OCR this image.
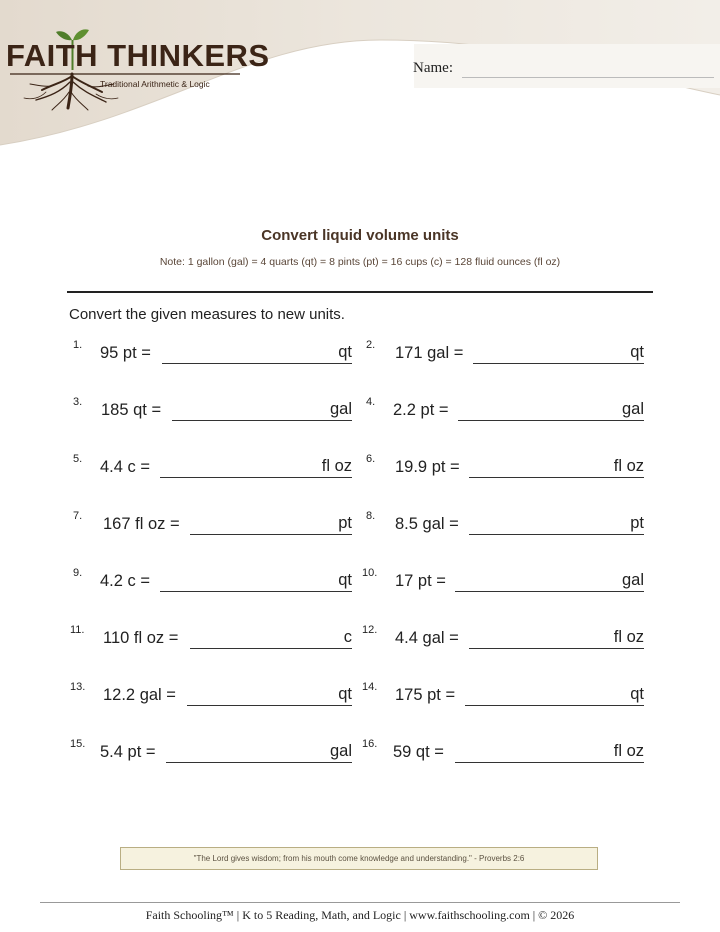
FAITH THINKERS
Traditional Arithmetic & Logic
Name:
Convert liquid volume units
Note: 1 gallon (gal) = 4 quarts (qt) = 8 pints (pt) = 16 cups (c) = 128 fluid ounces (fl oz)
Convert the given measures to new units.
1. 95 pt =	qt 2. 171 gal =	qt
3. 185 qt =	gal 4. 2.2 pt =	gal
5. 4.4 c =	fl oz 6. 19.9 pt =	fl oz
7. 167 fl oz =	pt 8. 8.5 gal =	pt
9. 4.2 c =	qt 10. 17 pt =	gal
11. 110 fl oz =	c 12. 4.4 gal =	fl oz
13. 12.2 gal =	qt 14. 175 pt =	qt
15. 5.4 pt =	gal 16. 59 qt =	fl oz
"The Lord gives wisdom; from his mouth come knowledge and understanding." - Proverbs 2:6
Faith Schooling™ | K to 5 Reading, Math, and Logic | www.faithschooling.com | © 2026
